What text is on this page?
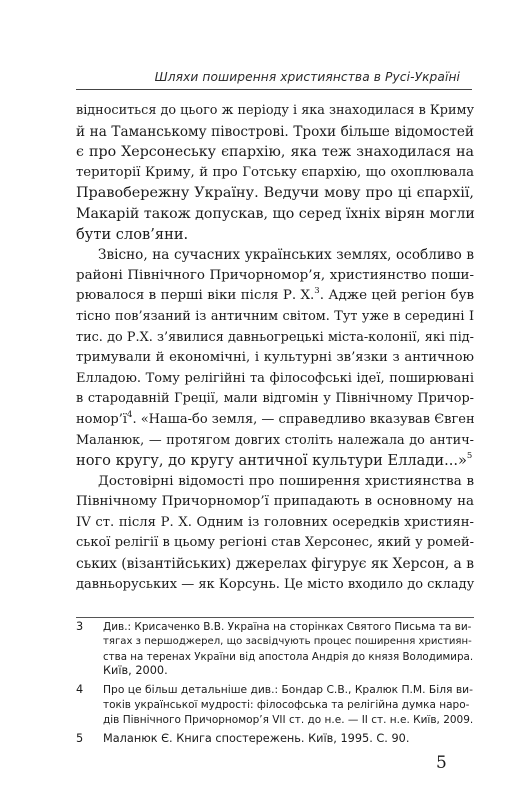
Шляхи поширення християнства в Русі-Україні

відноситься до цього ж періоду і яка знаходилася в Криму
й на Таманському півострові. Трохи більше відомостей
є про Херсонеську єпархію, яка теж знаходилася на
території Криму, й про Готську єпархію, що охоплювала
Правобережну Україну. Ведучи мову про ці єпархії,
Макарій також допускав, що серед їхніх вірян могли
бути слов’яни.

Звісно, на сучасних українських землях, особливо в
районі Північного Причорномор’я, християнство поши-
рювалося в перші віки після Р. Х.$^3$. Адже цей регіон був
тісно пов’язаний із античним світом. Тут уже в середині І
тис. до Р.Х. з’явилися давньогрецькі міста-колонії, які під-
тримували й економічні, і культурні зв’язки з античною
Елладою. Тому релігійні та філософські ідеї, поширювані
в стародавній Греції, мали відгомін у Північному Причор-
номор’ї$^4$. «Наша-бо земля, — справедливо вказував Євген
Маланюк, — протягом довгих століть належала до антич-
ного кругу, до кругу античної культури Еллади...»$^5$

Достовірні відомості про поширення християнства в
Північному Причорномор’ї припадають в основному на
IV ст. після Р. Х. Одним із головних осередків християн-
ської релігії в цьому регіоні став Херсонес, який у ромей-
ських (візантійських) джерелах фігурує як Херсон, а в
давньоруських — як Корсунь. Це місто входило до складу

3 Див.: Крисаченко В.В. Україна на сторінках Святого Письма та ви-
тягах з першоджерел, що засвідчують процес поширення християн-
ства на теренах України від апостола Андрія до князя Володимира.
Київ, 2000.
4 Про це більш детальніше див.: Бондар С.В., Кралюк П.М. Біля ви-
токів української мудрості: філософська та релігійна думка наро-
дів Північного Причорномор’я VII ст. до н.е. — ІІ ст. н.е. Київ, 2009.
5 Маланюк Є. Книга спостережень. Київ, 1995. С. 90.
5
